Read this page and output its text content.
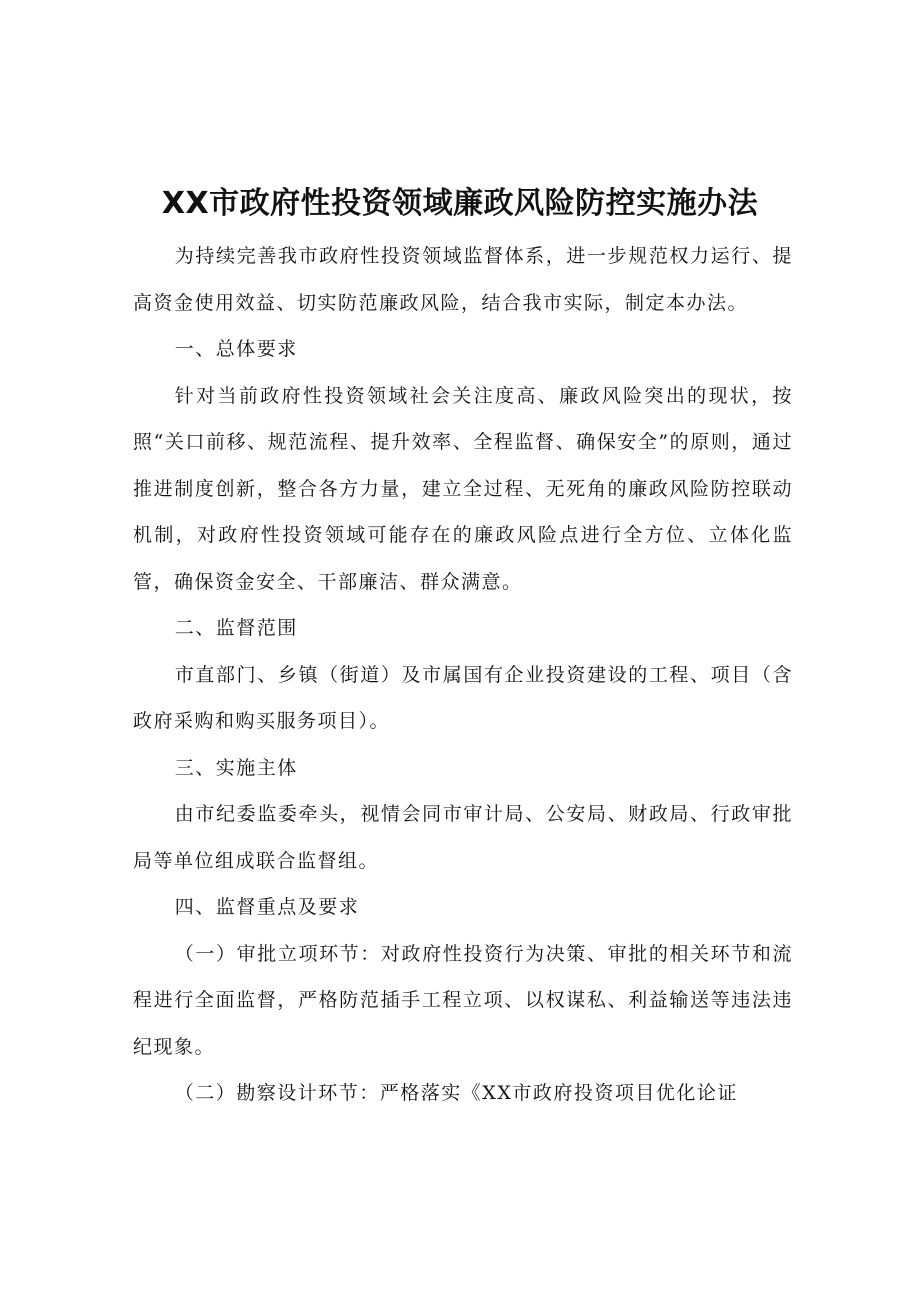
XX市政府性投资领域廉政风险防控实施办法

为持续完善我市政府性投资领域监督体系，进一步规范权力运行、提高资金使用效益、切实防范廉政风险，结合我市实际，制定本办法。

一、总体要求

针对当前政府性投资领域社会关注度高、廉政风险突出的现状，按照“关口前移、规范流程、提升效率、全程监督、确保安全”的原则，通过推进制度创新，整合各方力量，建立全过程、无死角的廉政风险防控联动机制，对政府性投资领域可能存在的廉政风险点进行全方位、立体化监管，确保资金安全、干部廉洁、群众满意。

二、监督范围

市直部门、乡镇（街道）及市属国有企业投资建设的工程、项目（含政府采购和购买服务项目）。

三、实施主体

由市纪委监委牵头，视情会同市审计局、公安局、财政局、行政审批局等单位组成联合监督组。

四、监督重点及要求

（一）审批立项环节：对政府性投资行为决策、审批的相关环节和流程进行全面监督，严格防范插手工程立项、以权谋私、利益输送等违法违纪现象。

（二）勘察设计环节：严格落实《XX市政府投资项目优化论证
